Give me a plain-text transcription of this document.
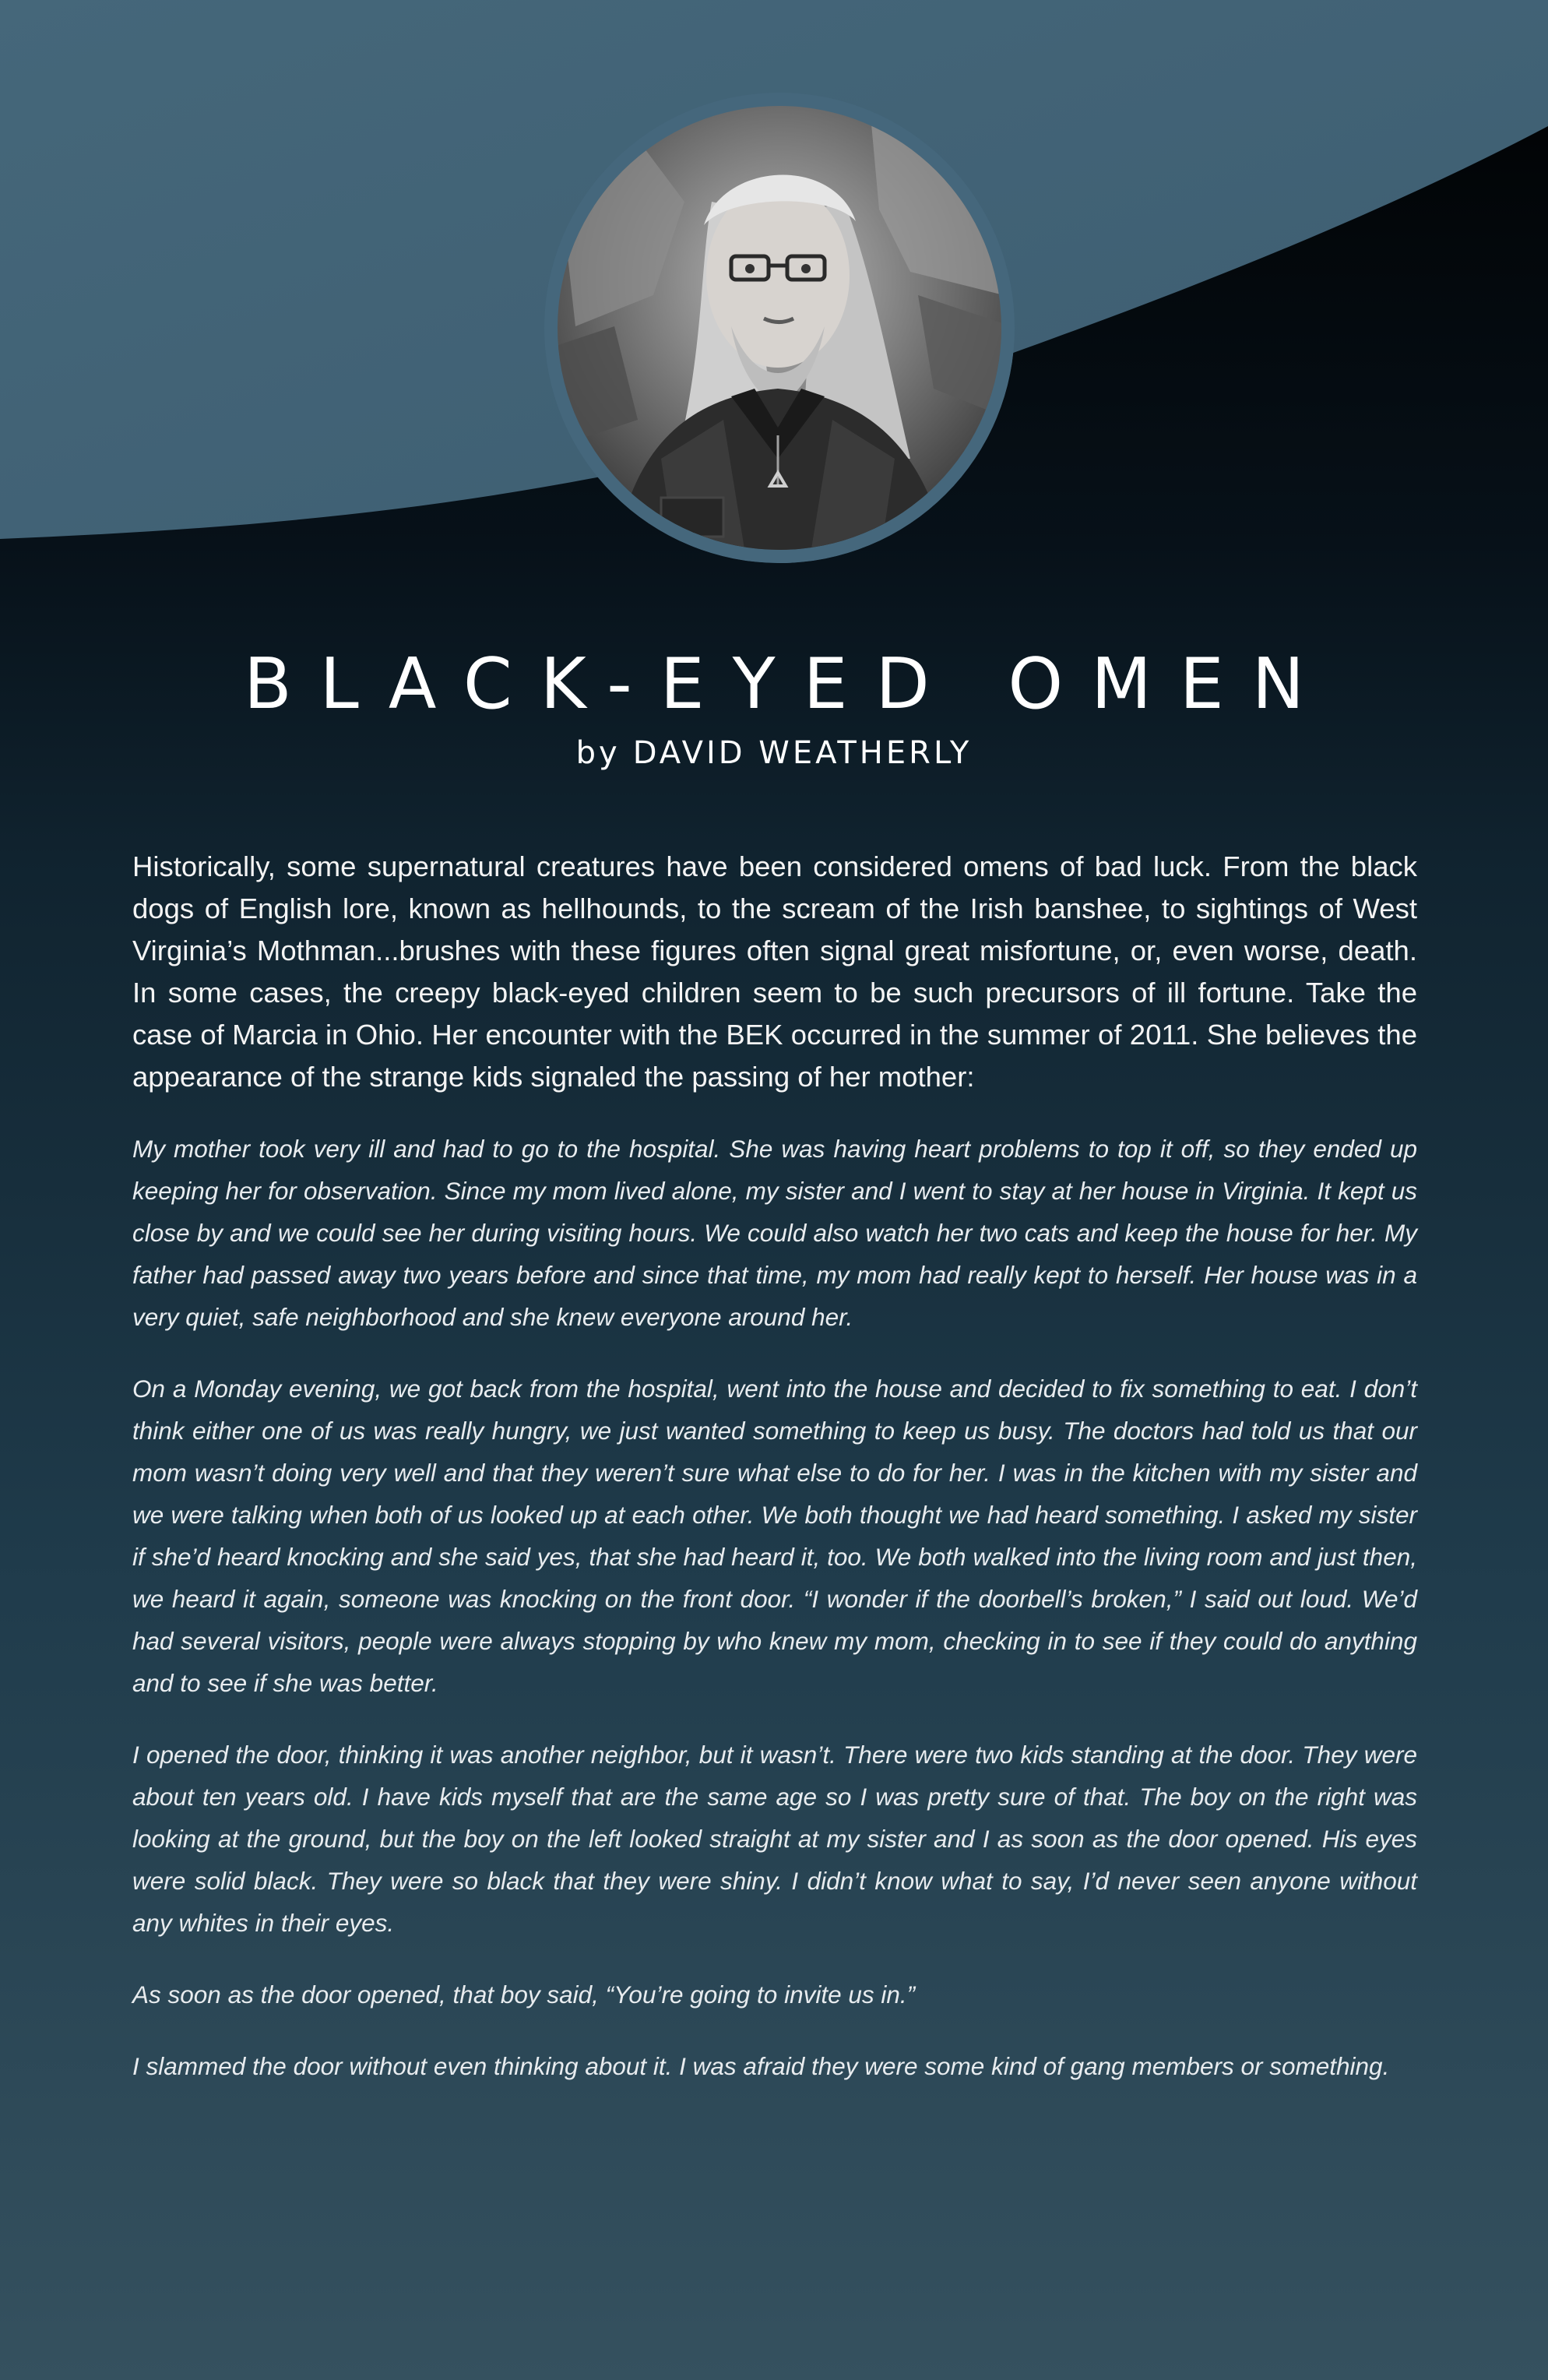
BLACK-EYED OMEN

by DAVID WEATHERLY

Historically, some supernatural creatures have been considered omens of bad luck. From the black dogs of English lore, known as hellhounds, to the scream of the Irish banshee, to sightings of West Virginia’s Mothman...brushes with these figures often signal great misfortune, or, even worse, death. In some cases, the creepy black-eyed children seem to be such precursors of ill fortune. Take the case of Marcia in Ohio. Her encounter with the BEK occurred in the summer of 2011. She believes the appearance of the strange kids signaled the passing of her mother:

My mother took very ill and had to go to the hospital. She was having heart problems to top it off, so they ended up keeping her for observation. Since my mom lived alone, my sister and I went to stay at her house in Virginia. It kept us close by and we could see her during visiting hours. We could also watch her two cats and keep the house for her. My father had passed away two years before and since that time, my mom had really kept to herself. Her house was in a very quiet, safe neighborhood and she knew everyone around her.

On a Monday evening, we got back from the hospital, went into the house and decided to fix something to eat. I don’t think either one of us was really hungry, we just wanted something to keep us busy. The doctors had told us that our mom wasn’t doing very well and that they weren’t sure what else to do for her. I was in the kitchen with my sister and we were talking when both of us looked up at each other. We both thought we had heard something. I asked my sister if she’d heard knocking and she said yes, that she had heard it, too. We both walked into the living room and just then, we heard it again, someone was knocking on the front door. “I wonder if the doorbell’s broken,” I said out loud. We’d had several visitors, people were always stopping by who knew my mom, checking in to see if they could do anything and to see if she was better.

I opened the door, thinking it was another neighbor, but it wasn’t. There were two kids standing at the door. They were about ten years old. I have kids myself that are the same age so I was pretty sure of that. The boy on the right was looking at the ground, but the boy on the left looked straight at my sister and I as soon as the door opened. His eyes were solid black. They were so black that they were shiny. I didn’t know what to say, I’d never seen anyone without any whites in their eyes.

As soon as the door opened, that boy said, “You’re going to invite us in.”

I slammed the door without even thinking about it. I was afraid they were some kind of gang members or something.
